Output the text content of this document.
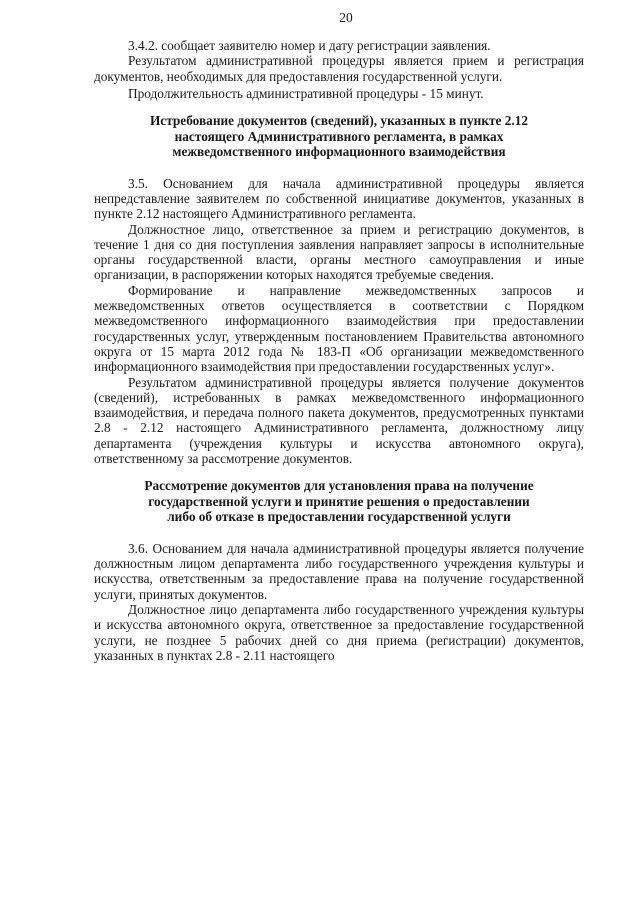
20

3.4.2. сообщает заявителю номер и дату регистрации заявления.

Результатом административной процедуры является прием и регистрация документов, необходимых для предоставления государственной услуги.

Продолжительность административной процедуры - 15 минут.

Истребование документов (сведений), указанных в пункте 2.12
настоящего Административного регламента, в рамках
межведомственного информационного взаимодействия

3.5. Основанием для начала административной процедуры является непредставление заявителем по собственной инициативе документов, указанных в пункте 2.12 настоящего Административного регламента.

Должностное лицо, ответственное за прием и регистрацию документов, в течение 1 дня со дня поступления заявления направляет запросы в исполнительные органы государственной власти, органы местного самоуправления и иные организации, в распоряжении которых находятся требуемые сведения.

Формирование и направление межведомственных запросов и межведомственных ответов осуществляется в соответствии с Порядком межведомственного информационного взаимодействия при предоставлении государственных услуг, утвержденным постановлением Правительства автономного округа от 15 марта 2012 года № 183-П «Об организации межведомственного информационного взаимодействия при предоставлении государственных услуг».

Результатом административной процедуры является получение документов (сведений), истребованных в рамках межведомственного информационного взаимодействия, и передача полного пакета документов, предусмотренных пунктами 2.8 - 2.12 настоящего Административного регламента, должностному лицу департамента (учреждения культуры и искусства автономного округа), ответственному за рассмотрение документов.

Рассмотрение документов для установления права на получение
государственной услуги и принятие решения о предоставлении
либо об отказе в предоставлении государственной услуги

3.6. Основанием для начала административной процедуры является получение должностным лицом департамента либо государственного учреждения культуры и искусства, ответственным за предоставление права на получение государственной услуги, принятых документов.

Должностное лицо департамента либо государственного учреждения культуры и искусства автономного округа, ответственное за предоставление государственной услуги, не позднее 5 рабочих дней со дня приема (регистрации) документов, указанных в пунктах 2.8 - 2.11 настоящего
